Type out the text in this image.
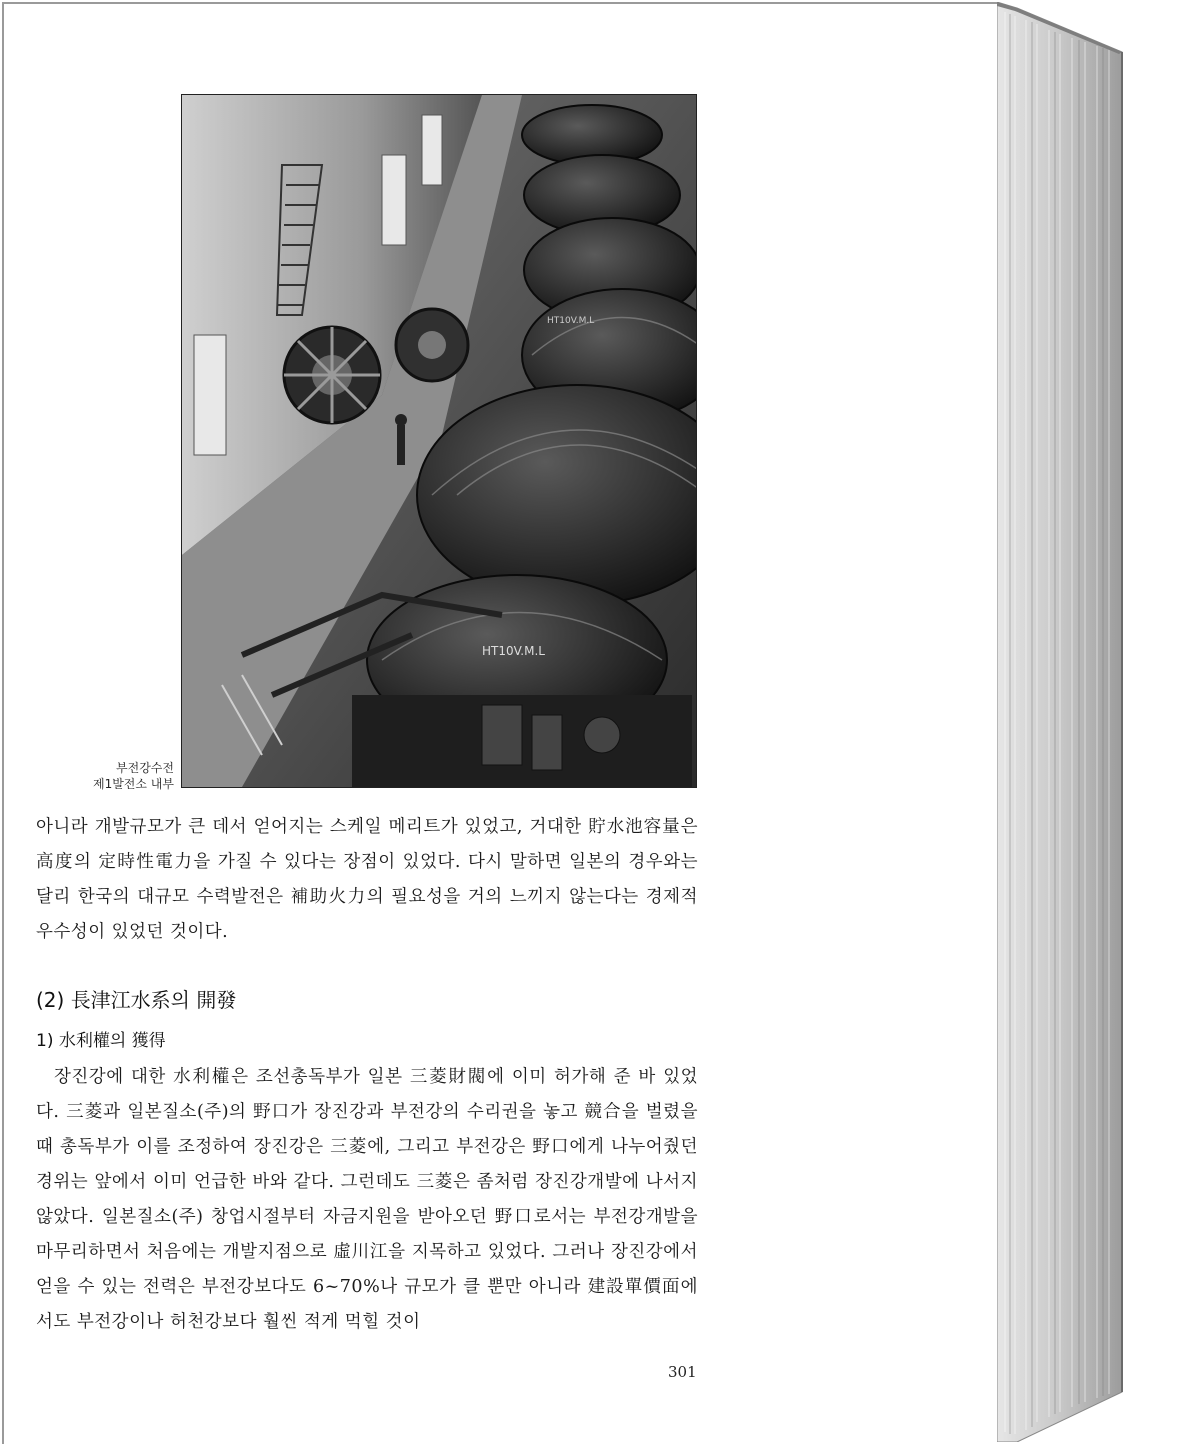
HT10V.M.L
HT10V.M.L
부전강수전
제1발전소 내부

아니라 개발규모가 큰 데서 얻어지는 스케일 메리트가 있었고, 거대한 貯水池容量은 高度의 定時性電力을 가질 수 있다는 장점이 있었다. 다시 말하면 일본의 경우와는 달리 한국의 대규모 수력발전은 補助火力의 필요성을 거의 느끼지 않는다는 경제적 우수성이 있었던 것이다.

(2) 長津江水系의 開發
1) 水利權의 獲得

장진강에 대한 水利權은 조선총독부가 일본 三菱財閥에 이미 허가해 준 바 있었다. 三菱과 일본질소(주)의 野口가 장진강과 부전강의 수리권을 놓고 競合을 벌렸을 때 총독부가 이를 조정하여 장진강은 三菱에, 그리고 부전강은 野口에게 나누어줬던 경위는 앞에서 이미 언급한 바와 같다. 그런데도 三菱은 좀처럼 장진강개발에 나서지 않았다. 일본질소(주) 창업시절부터 자금지원을 받아오던 野口로서는 부전강개발을 마무리하면서 처음에는 개발지점으로 虛川江을 지목하고 있었다. 그러나 장진강에서 얻을 수 있는 전력은 부전강보다도 6~70%나 규모가 클 뿐만 아니라 建設單價面에서도 부전강이나 허천강보다 훨씬 적게 먹힐 것이

301
